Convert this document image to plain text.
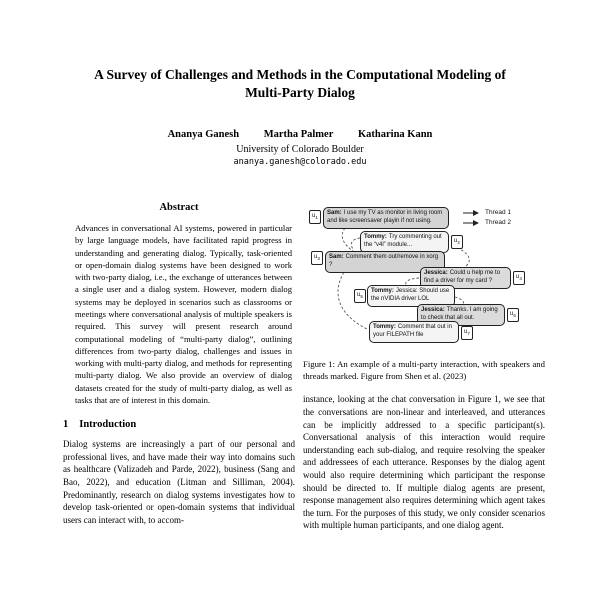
A Survey of Challenges and Methods in the Computational Modeling of Multi-Party Dialog
Ananya Ganesh Martha Palmer Katharina Kann
University of Colorado Boulder
ananya.ganesh@colorado.edu
Abstract

Advances in conversational AI systems, powered in particular by large language models, have facilitated rapid progress in understanding and generating dialog. Typically, task-oriented or open-domain dialog systems have been designed to work with two-party dialog, i.e., the exchange of utterances between a single user and a dialog system. However, modern dialog systems may be deployed in scenarios such as classrooms or meetings where conversational analysis of multiple speakers is required. This survey will present research around computational modeling of “multi-party dialog”, outlining differences from two-party dialog, challenges and issues in working with multi-party dialog, and methods for representing multi-party dialog. We also provide an overview of dialog datasets created for the study of multi-party dialog, as well as tasks that are of interest in this domain.

1 Introduction

Dialog systems are increasingly a part of our personal and professional lives, and have made their way into domains such as healthcare (Valizadeh and Parde, 2022), business (Sang and Bao, 2022), and education (Litman and Silliman, 2004). Predominantly, research on dialog systems investigates how to develop task-oriented or open-domain systems that individual users can interact with, to accom-

Thread 1
Thread 2
$u_1$
Sam: I use my TV as monitor in living room and like screensaver playin if not using.
Tommy: Try commenting out the “v4l” module...
$u_2$
$u_3$	Sam: Comment them out/remove in xorg ?
Jessica: Could u help me to find a driver for my card ?
$u_4$
$u_5$
Tommy: Jessica: Should use the nVIDIA driver LOL
Jessica: Thanks. I am going to check that all out.
$u_6$
Tommy: Comment that out in your FILEPATH file	$u_7$

Figure 1: An example of a multi-party interaction, with speakers and threads marked. Figure from Shen et al. (2023)

instance, looking at the chat conversation in Figure 1, we see that the conversations are non-linear and interleaved, and utterances can be implicitly addressed to a specific participant(s). Conversational analysis of this interaction would require understanding each sub-dialog, and require resolving the speaker and addressees of each utterance. Responses by the dialog agent would also require determining which participant the response should be directed to. If multiple dialog agents are present, response management also requires determining which agent takes the turn. For the purposes of this study, we only consider scenarios with multiple human participants, and one dialog agent.
